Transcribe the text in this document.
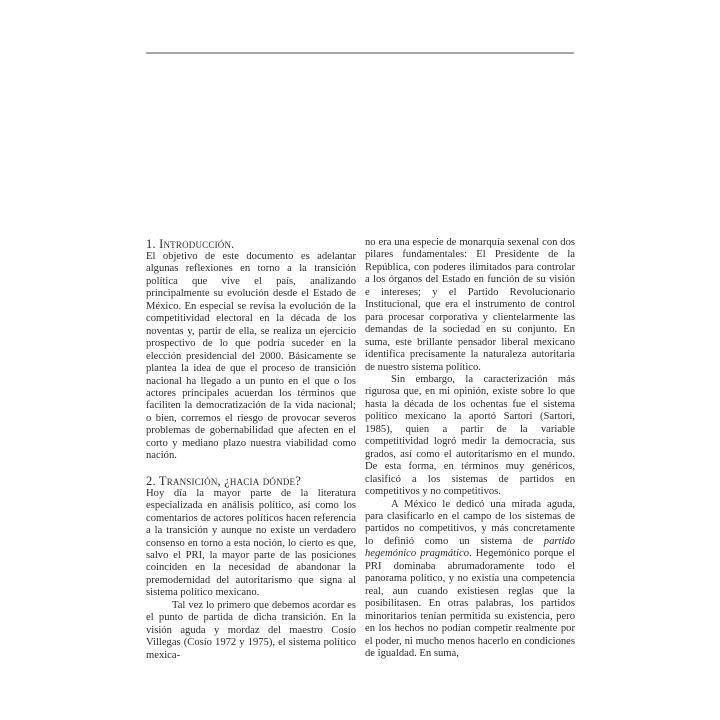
1. Introducción.

El objetivo de este documento es adelantar algunas reflexiones en torno a la transición política que vive el país, analizando principalmente su evolución desde el Estado de México. En especial se revisa la evolución de la competitividad electoral en la década de los noventas y, partir de ella, se realiza un ejercicio prospectivo de lo que podría suceder en la elección presidencial del 2000. Básicamente se plantea la idea de que el proceso de transición nacional ha llegado a un punto en el que o los actores principales acuerdan los términos que faciliten la democratización de la vida nacional; o bien, corremos el riesgo de provocar severos problemas de gobernabilidad que afecten en el corto y mediano plazo nuestra viabilidad como nación.

2. Transición, ¿hacia dónde?

Hoy día la mayor parte de la literatura especializada en análisis político, así como los comentarios de actores políticos hacen referencia a la transición y aunque no existe un verdadero consenso en torno a esta noción, lo cierto es que, salvo el PRI, la mayor parte de las posiciones coinciden en la necesidad de abandonar la premodernidad del autoritarismo que signa al sistema político mexicano.

Tal vez lo primero que debemos acordar es el punto de partida de dicha transición. En la visión aguda y mordaz del maestro Cosío Villegas (Cosío 1972 y 1975), el sistema político mexica-

no era una especie de monarquía sexenal con dos pilares fundamentales: El Presidente de la República, con poderes ilimitados para controlar a los órganos del Estado en función de su visión e intereses; y el Partido Revolucionario Institucional, que era el instrumento de control para procesar corporativa y clientelarmente las demandas de la sociedad en su conjunto. En suma, este brillante pensador liberal mexicano identifica precisamente la naturaleza autoritaria de nuestro sistema político.

Sin embargo, la caracterización más rigurosa que, en mi opinión, existe sobre lo que hasta la década de los ochentas fue el sistema político mexicano la aportó Sartori (Sartori, 1985), quien a partir de la variable competitividad logró medir la democracia, sus grados, así como el autoritarismo en el mundo. De esta forma, en términos muy genéricos, clasificó a los sistemas de partidos en competitivos y no competitivos.

A México le dedicó una mirada aguda, para clasificarlo en el campo de los sistemas de partidos no competitivos, y más concretamente lo definió como un sistema de partido hegemónico pragmático. Hegemónico porque el PRI dominaba abrumadoramente todo el panorama político, y no existía una competencia real, aun cuando existiesen reglas que la posibilitasen. En otras palabras, los partidos minoritarios tenían permitida su existencia, pero en los hechos no podían competir realmente por el poder, ni mucho menos hacerlo en condiciones de igualdad. En suma,
